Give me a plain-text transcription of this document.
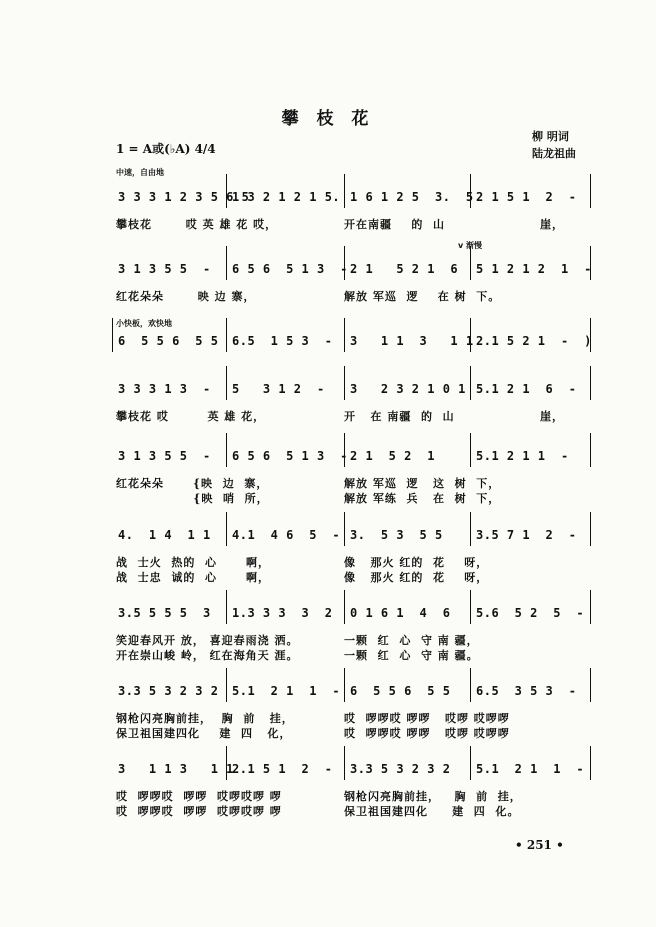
攀 枝 花
1 = A或(♭A) 4/4
柳 明词
陆龙祖曲
中速，自由地
v 渐慢
小快板，欢快地
3 3 3 1 2 3 5 6 5
1 3 2 1 2 1 5. 1 6 1 2 5  3.  5 2 1 5 1  2  -
攀枝花       哎 英 雄 花 哎，	开在南疆    的  山	崖，
3 1 3 5 5  - 6 5 6  5 1 3  - 2 1   5 2 1  6 5 1 2 1 2  1  -
红花朵朵       映 边 寨，	解放 军巡  逻    在 树  下。
6  5 5 6  5 5 6.5  1 5 3  - 3   1 1  3   1 1 2.1 5 2 1  -  )
3 3 3 1 3  - 5   3 1 2  - 3   2 3 2 1 0 1 5.1 2 1  6  -
攀枝花 哎        英 雄 花，	开   在 南疆  的  山	崖，
3 1 3 5 5  - 6 5 6  5 1 3  - 2 1  5 2  1	5.1 2 1 1  -
红花朵朵      {映  边  寨，	解放 军巡  逻   这  树  下，
{映  哨  所，	解放 军练  兵   在  树  下，
4.  1 4  1 1 4.1  4 6  5  - 3.  5 3  5 5	3.5 7 1  2  -
战  士火  热的  心      啊，	像   那火 红的  花    呀，
战  士忠  诚的  心      啊，	像   那火 红的  花    呀，
3.5 5 5 5  3 1.3 3 3  3  2 0 1 6 1  4  6 5.6  5 2  5  -
笑迎春风开 放， 喜迎春雨浇 洒。	一颗  红  心  守 南 疆，
开在崇山峻 岭， 红在海角天 涯。	一颗  红  心  守 南 疆。
3.3 5 3 2 3 2 5.1  2 1  1  - 6  5 5 6  5 5 6.5  3 5 3  -
钢枪闪亮胸前挂，  胸  前   挂，	哎  啰啰哎 啰啰   哎啰 哎啰啰
保卫祖国建四化    建  四   化，	哎  啰啰哎 啰啰   哎啰 哎啰啰
3   1 1 3   1 1
2.1 5 1  2  - 3.3 5 3 2 3 2 5.1  2 1  1  -
哎  啰啰哎  啰啰  哎啰哎啰 啰	钢枪闪亮胸前挂，   胸  前  挂，
哎  啰啰哎  啰啰  哎啰哎啰 啰	保卫祖国建四化     建  四  化。
• 251 •
